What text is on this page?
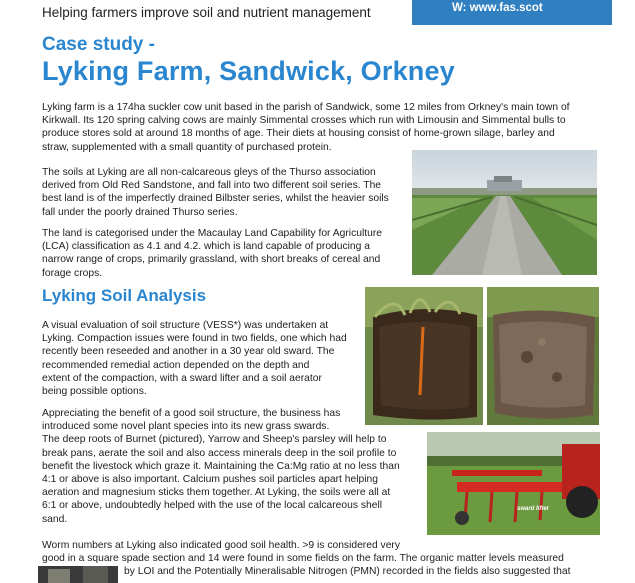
Helping farmers improve soil and nutrient management	W: www.fas.scot
Case study -
Lyking Farm, Sandwick, Orkney
Lyking farm is a 174ha suckler cow unit based in the parish of Sandwick, some 12 miles from Orkney's main town of
Kirkwall. Its 120 spring calving cows are mainly Simmental crosses which run with Limousin and Simmental bulls to
produce stores sold at around 18 months of age. Their diets at housing consist of home-grown silage, barley and
straw, supplemented with a small quantity of purchased protein.
The soils at Lyking are all non-calcareous gleys of the Thurso association
derived from Old Red Sandstone, and fall into two different soil series. The
best land is of the imperfectly drained Bilbster series, whilst the heavier soils
fall under the poorly drained Thurso series.
The land is categorised under the Macaulay Land Capability for Agriculture
(LCA) classification as 4.1 and 4.2. which is land capable of producing a
narrow range of crops, primarily grassland, with short breaks of cereal and
forage crops.
Lyking Soil Analysis
A visual evaluation of soil structure (VESS*) was undertaken at
Lyking. Compaction issues were found in two fields, one which had
recently been reseeded and another in a 30 year old sward. The
recommended remedial action depended on the depth and
extent of the compaction, with a sward lifter and a soil aerator
being possible options.
Appreciating the benefit of a good soil structure, the business has
introduced some novel plant species into its new grass swards.
The deep roots of Burnet (pictured), Yarrow and Sheep's parsley will help to
break pans, aerate the soil and also access minerals deep in the soil profile to
benefit the livestock which graze it. Maintaining the Ca:Mg ratio at no less than
4:1 or above is also important. Calcium pushes soil particles apart helping
aeration and magnesium sticks them together. At Lyking, the soils were all at
6:1 or above, undoubtedly helped with the use of the local calcareous shell
sand.
Worm numbers at Lyking also indicated good soil health. >9 is considered very
good in a square spade section and 14 were found in some fields on the farm. The organic matter levels measured
by LOI and the Potentially Mineralisable Nitrogen (PMN) recorded in the fields also suggested that
sward lifter
